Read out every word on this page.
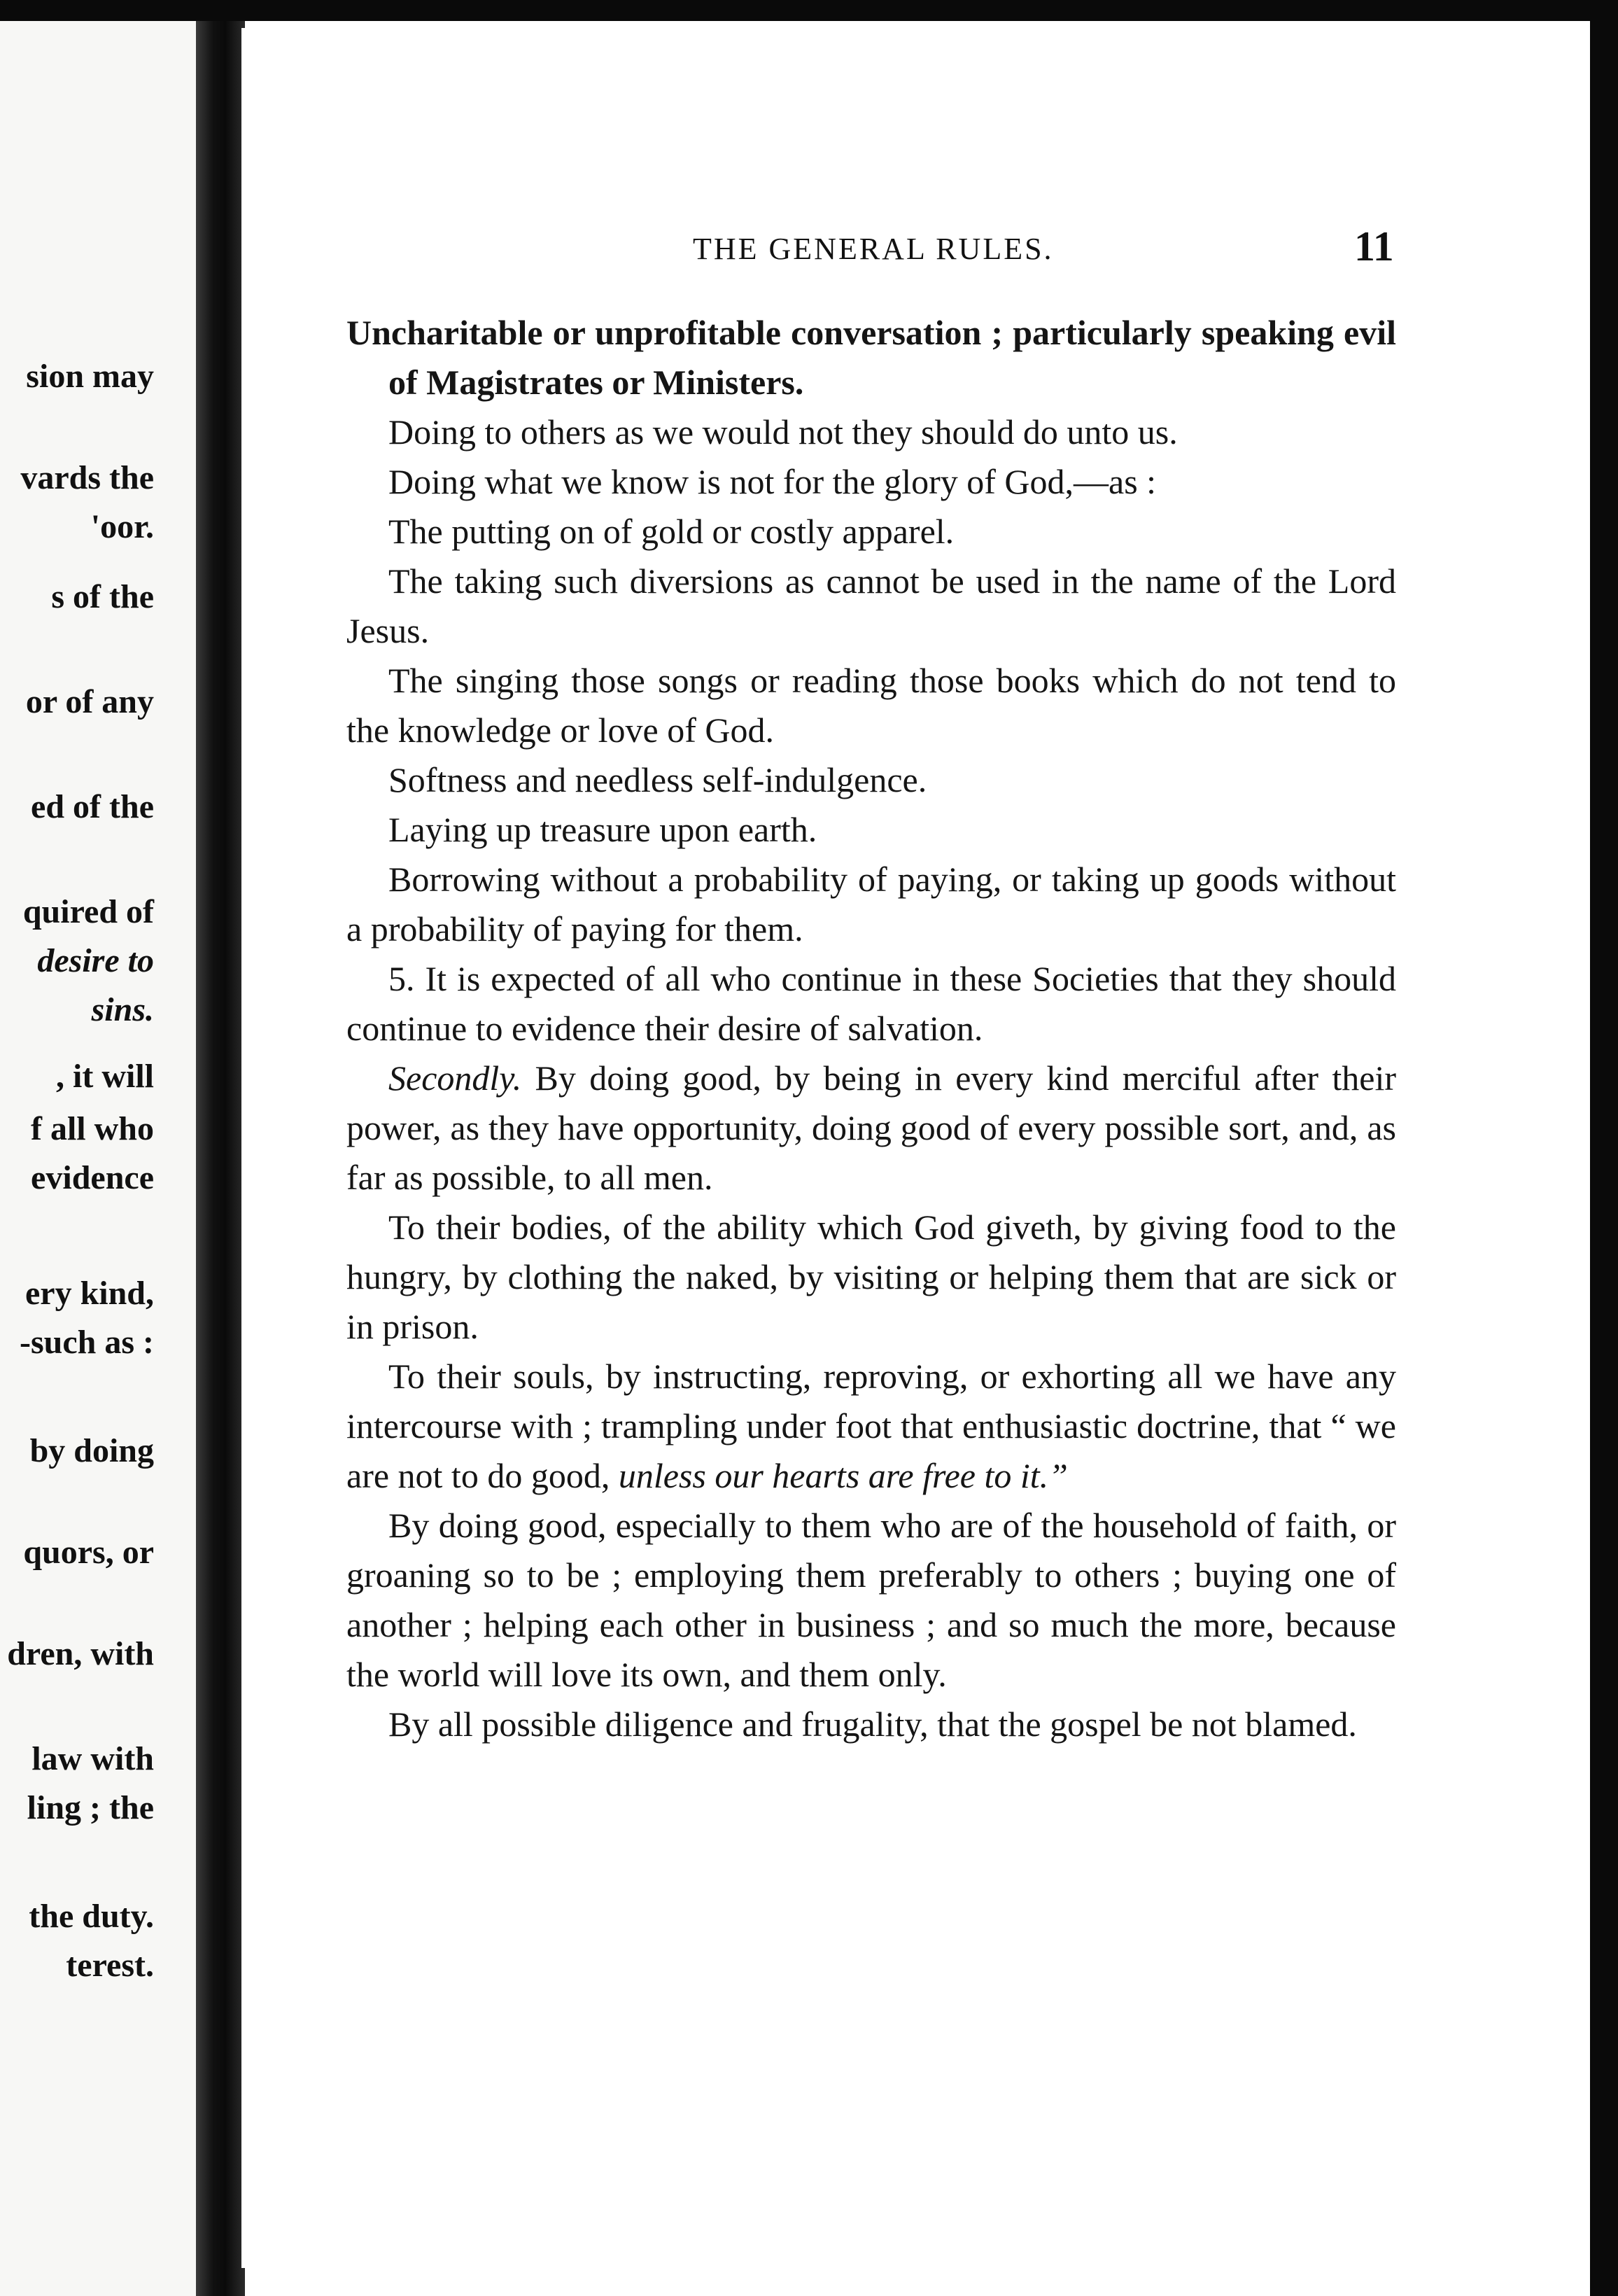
sion may
vards the
'oor.
s of the
or of any
ed of the
quired of
desire to
sins.
, it will
f all who
evidence
ery kind,
-such as :
by doing
quors, or
dren, with
law with
ling ; the
the duty.
terest.
THE GENERAL RULES.	11

Uncharitable or unprofitable conversation ; particularly speaking evil of Magistrates or Ministers.

Doing to others as we would not they should do unto us.

Doing what we know is not for the glory of God,—as :

The putting on of gold or costly apparel.

The taking such diversions as cannot be used in the name of the Lord Jesus.

The singing those songs or reading those books which do not tend to the knowledge or love of God.

Softness and needless self-indulgence.

Laying up treasure upon earth.

Borrowing without a probability of paying, or taking up goods without a probability of paying for them.

5. It is expected of all who continue in these Societies that they should continue to evidence their desire of salvation.

Secondly. By doing good, by being in every kind merciful after their power, as they have opportunity, doing good of every possible sort, and, as far as possible, to all men.

To their bodies, of the ability which God giveth, by giving food to the hungry, by clothing the naked, by visiting or helping them that are sick or in prison.

To their souls, by instructing, reproving, or exhorting all we have any intercourse with ; trampling under foot that enthusiastic doctrine, that “ we are not to do good, unless our hearts are free to it.”

By doing good, especially to them who are of the household of faith, or groaning so to be ; employing them preferably to others ; buying one of another ; helping each other in business ; and so much the more, because the world will love its own, and them only.

By all possible diligence and frugality, that the gospel be not blamed.
